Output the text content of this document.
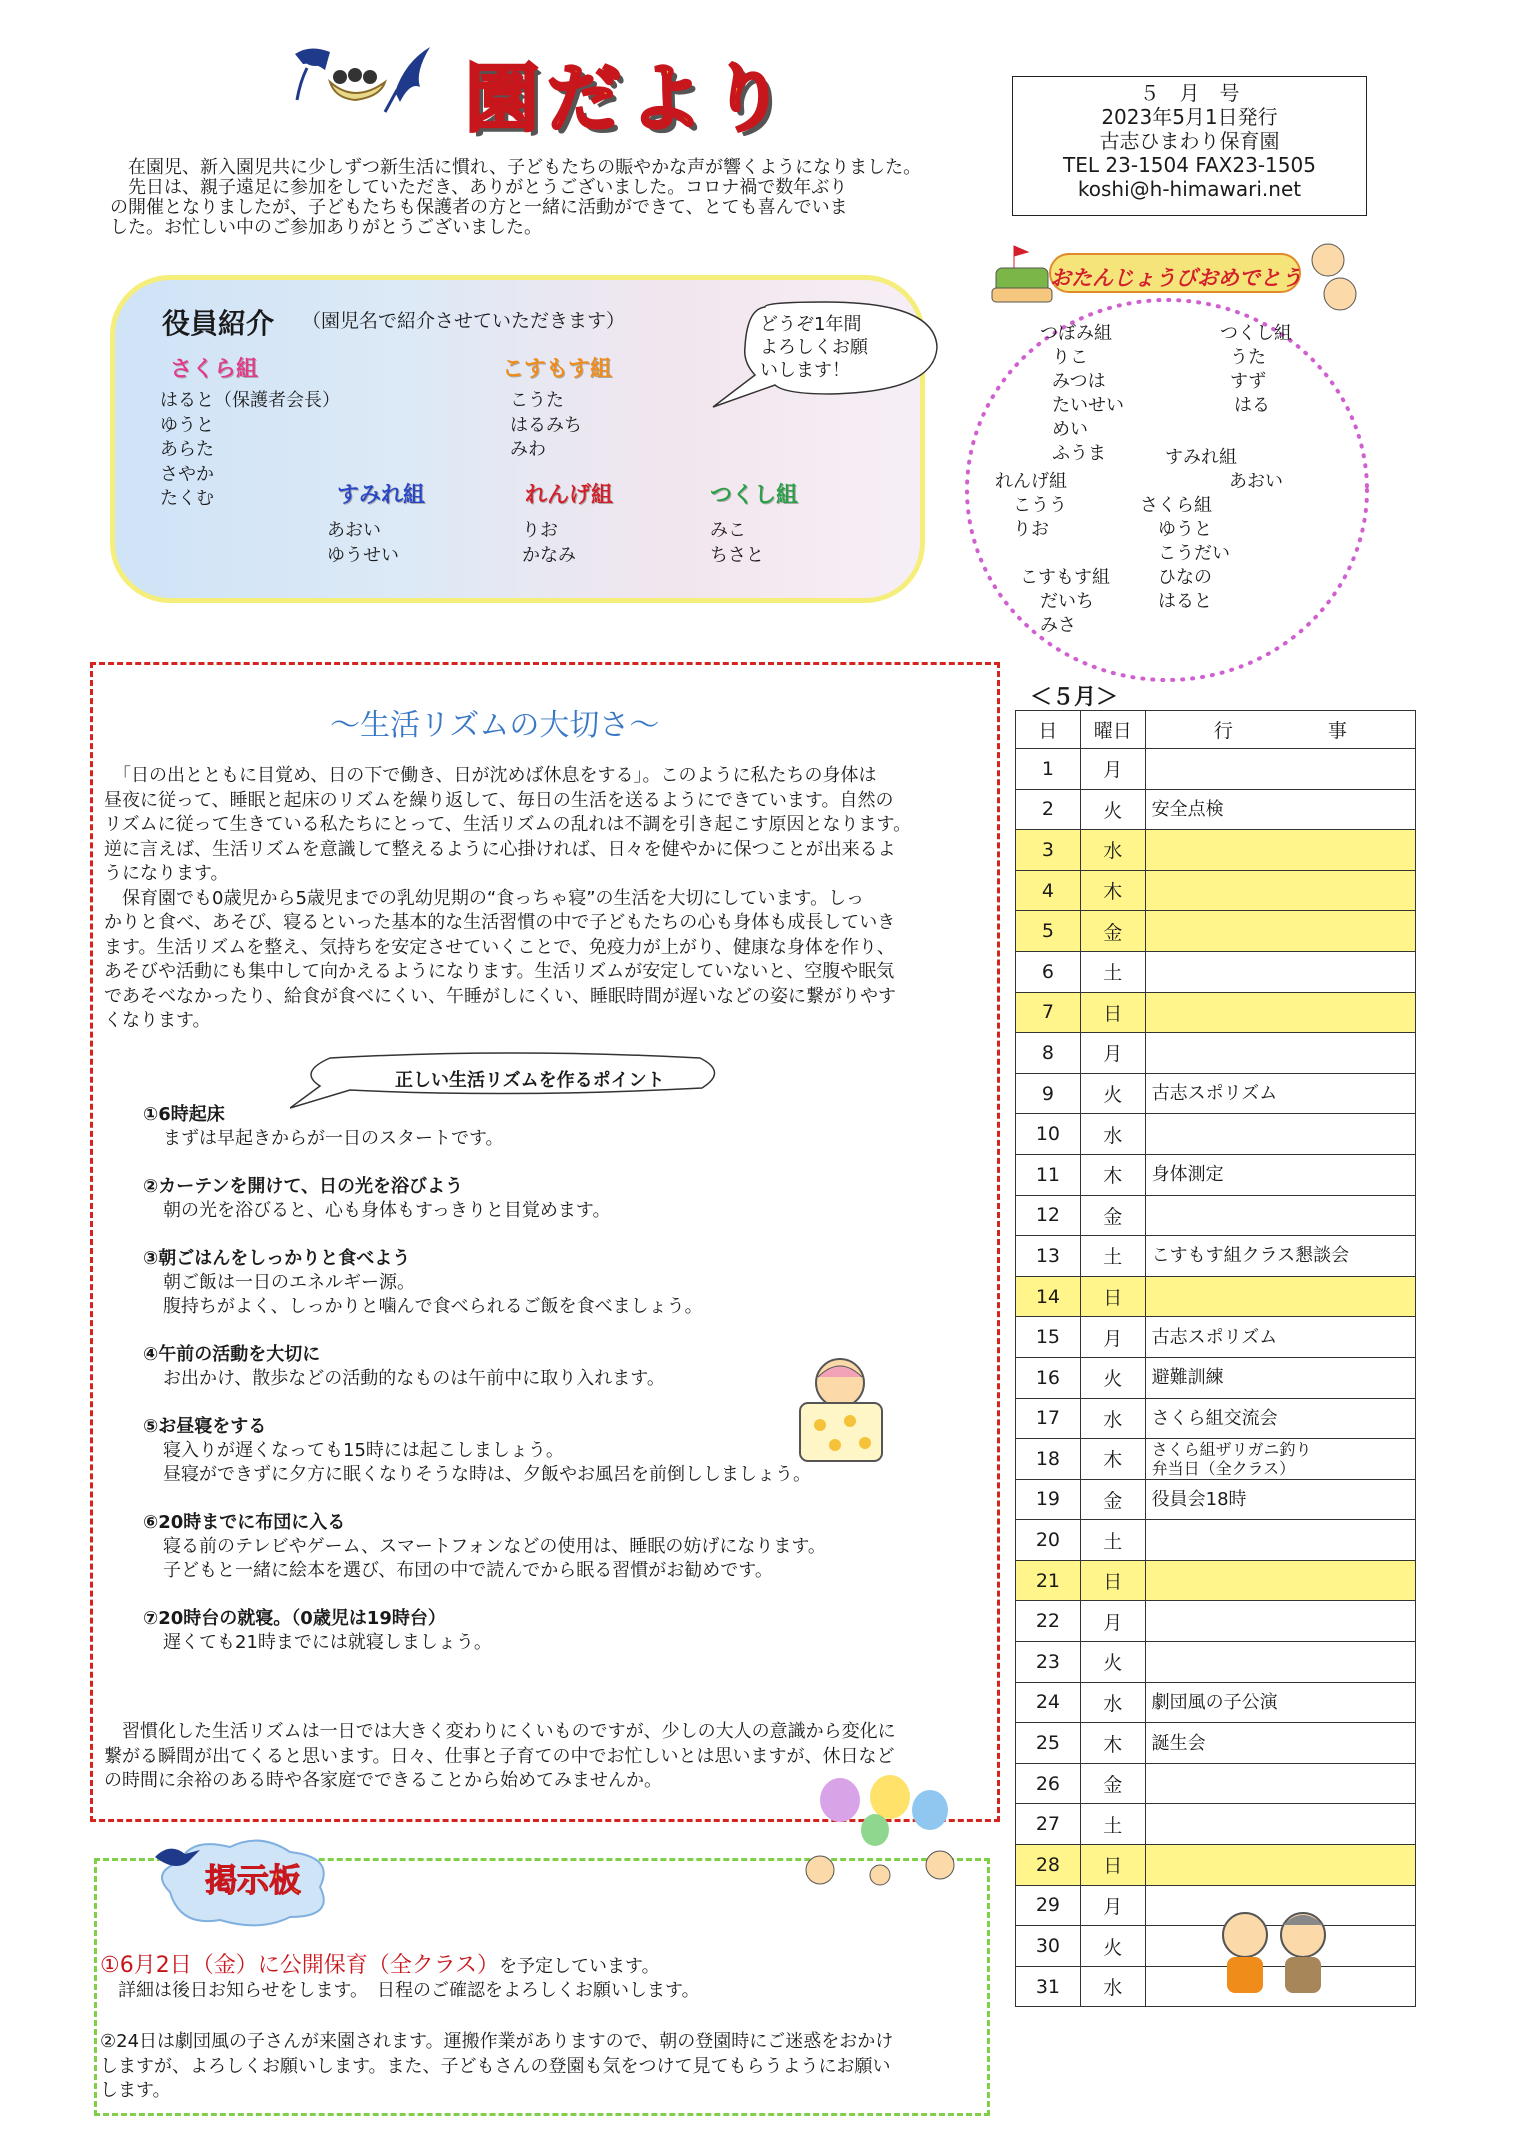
園だより	５　月　号
2023年5月1日発行
古志ひまわり保育園
TEL 23-1504 FAX23-1505
koshi@h-himawari.net
　在園児、新入園児共に少しずつ新生活に慣れ、子どもたちの賑やかな声が響くようになりました。
　先日は、親子遠足に参加をしていただき、ありがとうございました。コロナ禍で数年ぶり
の開催となりましたが、子どもたちも保護者の方と一緒に活動ができて、とても喜んでいま
した。お忙しい中のご参加ありがとうございました。
役員紹介 （園児名で紹介させていただきます）	どうぞ1年間
よろしくお願
いします！
さくら組
はると（保護者会長）
ゆうと
あらた
さやか
たくむ
こすもす組
こうた
はるみち
みわ
すみれ組
あおい
ゆうせい
れんげ組
りお
かなみ
つくし組
みこ
ちさと
おたんじょうびおめでとう
つぼみ組
りこ
みつは
たいせい
めい
ふうま
つくし組
うた
すず
はる
すみれ組
あおい
れんげ組
こうう
りお
さくら組
ゆうと
こうだい
ひなの
はると
こすもす組
だいち
みさ
～生活リズムの大切さ～
　「日の出とともに目覚め、日の下で働き、日が沈めば休息をする」。このように私たちの身体は
昼夜に従って、睡眠と起床のリズムを繰り返して、毎日の生活を送るようにできています。自然の
リズムに従って生きている私たちにとって、生活リズムの乱れは不調を引き起こす原因となります。
逆に言えば、生活リズムを意識して整えるように心掛ければ、日々を健やかに保つことが出来るよ
うになります。
　保育園でも0歳児から5歳児までの乳幼児期の“食っちゃ寝”の生活を大切にしています。しっ
かりと食べ、あそび、寝るといった基本的な生活習慣の中で子どもたちの心も身体も成長していき
ます。生活リズムを整え、気持ちを安定させていくことで、免疫力が上がり、健康な身体を作り、
あそびや活動にも集中して向かえるようになります。生活リズムが安定していないと、空腹や眠気
であそべなかったり、給食が食べにくい、午睡がしにくい、睡眠時間が遅いなどの姿に繋がりやす
くなります。
正しい生活リズムを作るポイント
①6時起床
まずは早起きからが一日のスタートです。
②カーテンを開けて、日の光を浴びよう
朝の光を浴びると、心も身体もすっきりと目覚めます。
③朝ごはんをしっかりと食べよう
朝ご飯は一日のエネルギー源。
腹持ちがよく、しっかりと噛んで食べられるご飯を食べましょう。
④午前の活動を大切に
お出かけ、散歩などの活動的なものは午前中に取り入れます。
⑤お昼寝をする
寝入りが遅くなっても15時には起こしましょう。
昼寝ができずに夕方に眠くなりそうな時は、夕飯やお風呂を前倒ししましょう。
⑥20時までに布団に入る
寝る前のテレビやゲーム、スマートフォンなどの使用は、睡眠の妨げになります。
子どもと一緒に絵本を選び、布団の中で読んでから眠る習慣がお勧めです。
⑦20時台の就寝。（0歳児は19時台）
遅くても21時までには就寝しましょう。
　習慣化した生活リズムは一日では大きく変わりにくいものですが、少しの大人の意識から変化に
繋がる瞬間が出てくると思います。日々、仕事と子育ての中でお忙しいとは思いますが、休日など
の時間に余裕のある時や各家庭でできることから始めてみませんか。
掲示板
①6月2日（金）に公開保育（全クラス）を予定しています。
　詳細は後日お知らせをします。　日程のご確認をよろしくお願いします。
②24日は劇団風の子さんが来園されます。運搬作業がありますので、朝の登園時にご迷惑をおかけ
しますが、よろしくお願いします。また、子どもさんの登園も気をつけて見てもらうようにお願い
します。
＜５月＞
日	曜日	行　　　　　事
1	月	
2	火	安全点検
3	水	
4	木	
5	金	
6	土	
7	日	
8	月	
9	火	古志スポリズム
10	水	
11	木	身体測定
12	金	
13	土	こすもす組クラス懇談会
14	日	
15	月	古志スポリズム
16	火	避難訓練
17	水	さくら組交流会
18	木	さくら組ザリガニ釣り
弁当日（全クラス）

19	金	役員会18時
20	土	
21	日	
22	月	
23	火	
24	水	劇団風の子公演
25	木	誕生会
26	金	
27	土	
28	日	
29	月	
30	火	
31	水	
